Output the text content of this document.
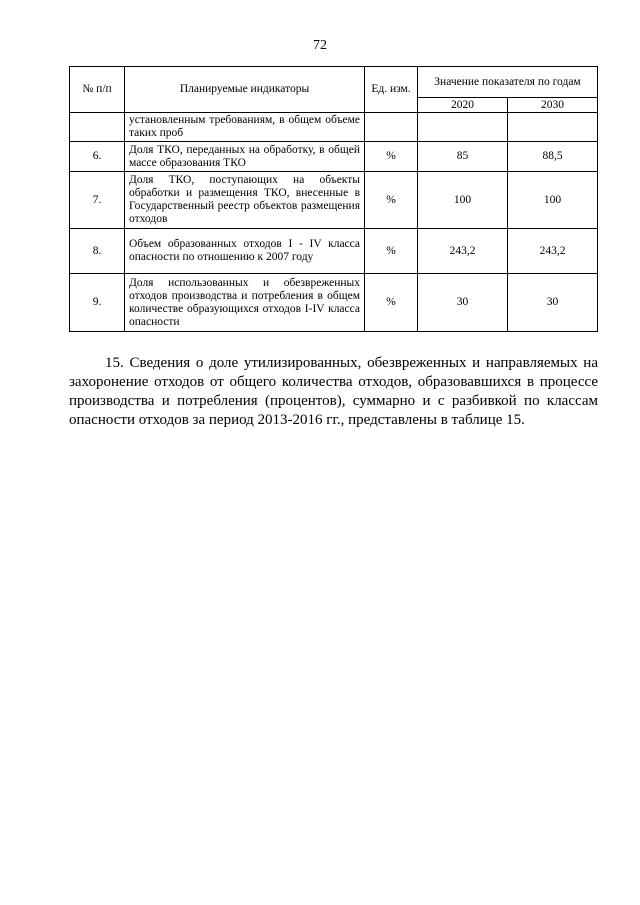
72
№ п/п	Планируемые индикаторы	Ед. изм.	Значение показателя по годам	
			2020	2030
	установленным требованиям, в общем объеме таких проб			
6.	Доля ТКО, переданных на обработку, в общей массе образования ТКО	%	85	88,5
7.	Доля ТКО, поступающих на объекты обработки и размещения ТКО, внесенные в Государственный реестр объектов размещения отходов	%	100	100
8.	Объем образованных отходов I - IV класса опасности по отношению к 2007 году	%	243,2	243,2
9.	Доля использованных и обезвреженных отходов производства и потребления в общем количестве образующихся отходов I-IV класса опасности	%	30	30

15. Сведения о доле утилизированных, обезвреженных и направляемых на захоронение отходов от общего количества отходов, образовавшихся в процессе производства и потребления (процентов), суммарно и с разбивкой по классам опасности отходов за период 2013-2016 гг., представлены в таблице 15.
